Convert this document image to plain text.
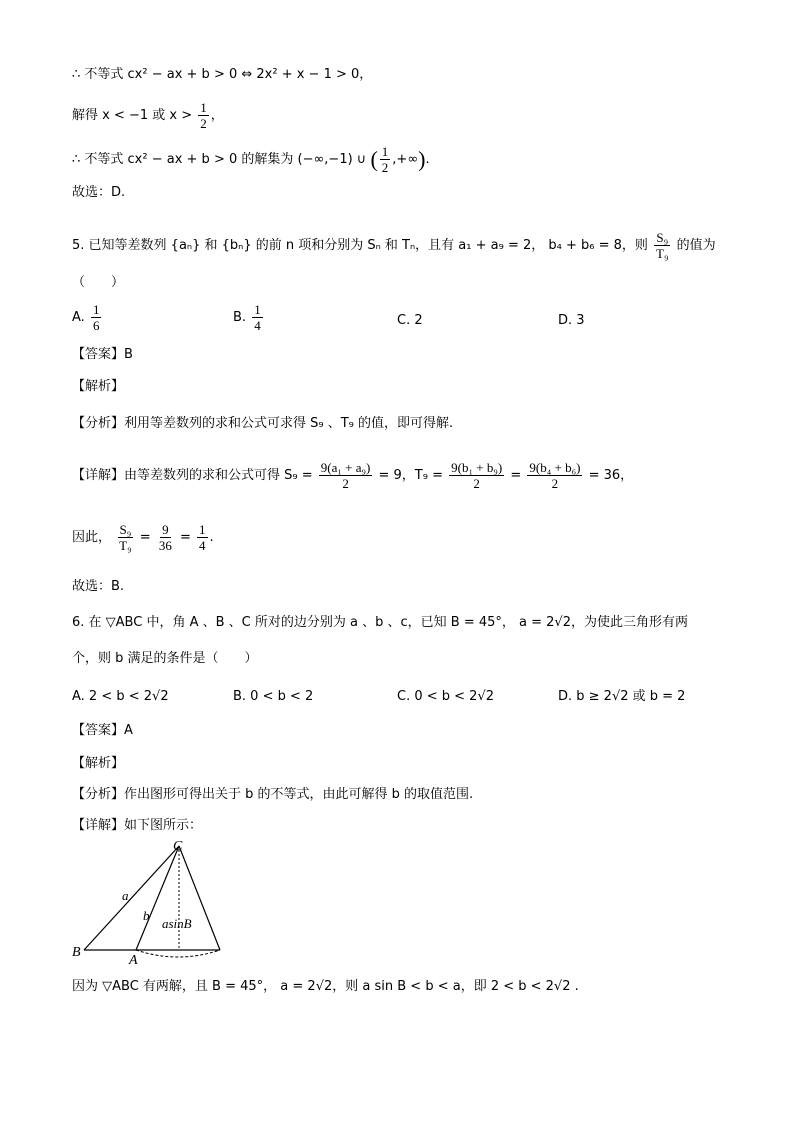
∴ 不等式 cx² − ax + b > 0 ⇔ 2x² + x − 1 > 0，
解得 x < −1 或 $x > \frac{1}{2}$ ，
∴ 不等式 cx² − ax + b > 0 的解集为 (−∞,−1) ∪ ( $\frac{1}{2}$ ,+∞).
故选：D.
5. 已知等差数列 {aₙ} 和 {bₙ} 的前 n 项和分别为 Sₙ 和 Tₙ，且有 a₁ + a₉ = 2， b₄ + b₆ = 8，则 $\frac{\text{S₉}}{\text{T₉}}$ 的值为
（　　）
A. $\frac{1}{6}$	B. $\frac{1}{4}$	C. 2	D. 3
【答案】B
【解析】
【分析】利用等差数列的求和公式可求得 S₉ 、T₉ 的值，即可得解.
【详解】由等差数列的求和公式可得 $S_9 = \frac{\text{9(a₁ + a₉)}}{2} = 9$，$T_9 = \frac{\text{9(b₁ + b₉)}}{2} = \frac{\text{9(b₄ + b₆)}}{2} = 36$，
因此， $\frac{\text{S₉}}{\text{T₉}} = \frac{9}{36} = \frac{1}{4}$ .
故选：B.
6. 在 ▽ABC 中，角 A 、B 、C 所对的边分别为 a 、b 、c，已知 B = 45°， a = 2√2，为使此三角形有两
个，则 b 满足的条件是（　　）
A. 2 < b < 2√2	B. 0 < b < 2	C. 0 < b < 2√2	D. b ≥ 2√2 或 b = 2
【答案】A
【解析】
【分析】作出图形可得出关于 b 的不等式，由此可解得 b 的取值范围.
【详解】如下图所示：
C
B
A
a
b
asinB
因为 ▽ABC 有两解，且 B = 45°， a = 2√2，则 a sin B < b < a，即 2 < b < 2√2 .
